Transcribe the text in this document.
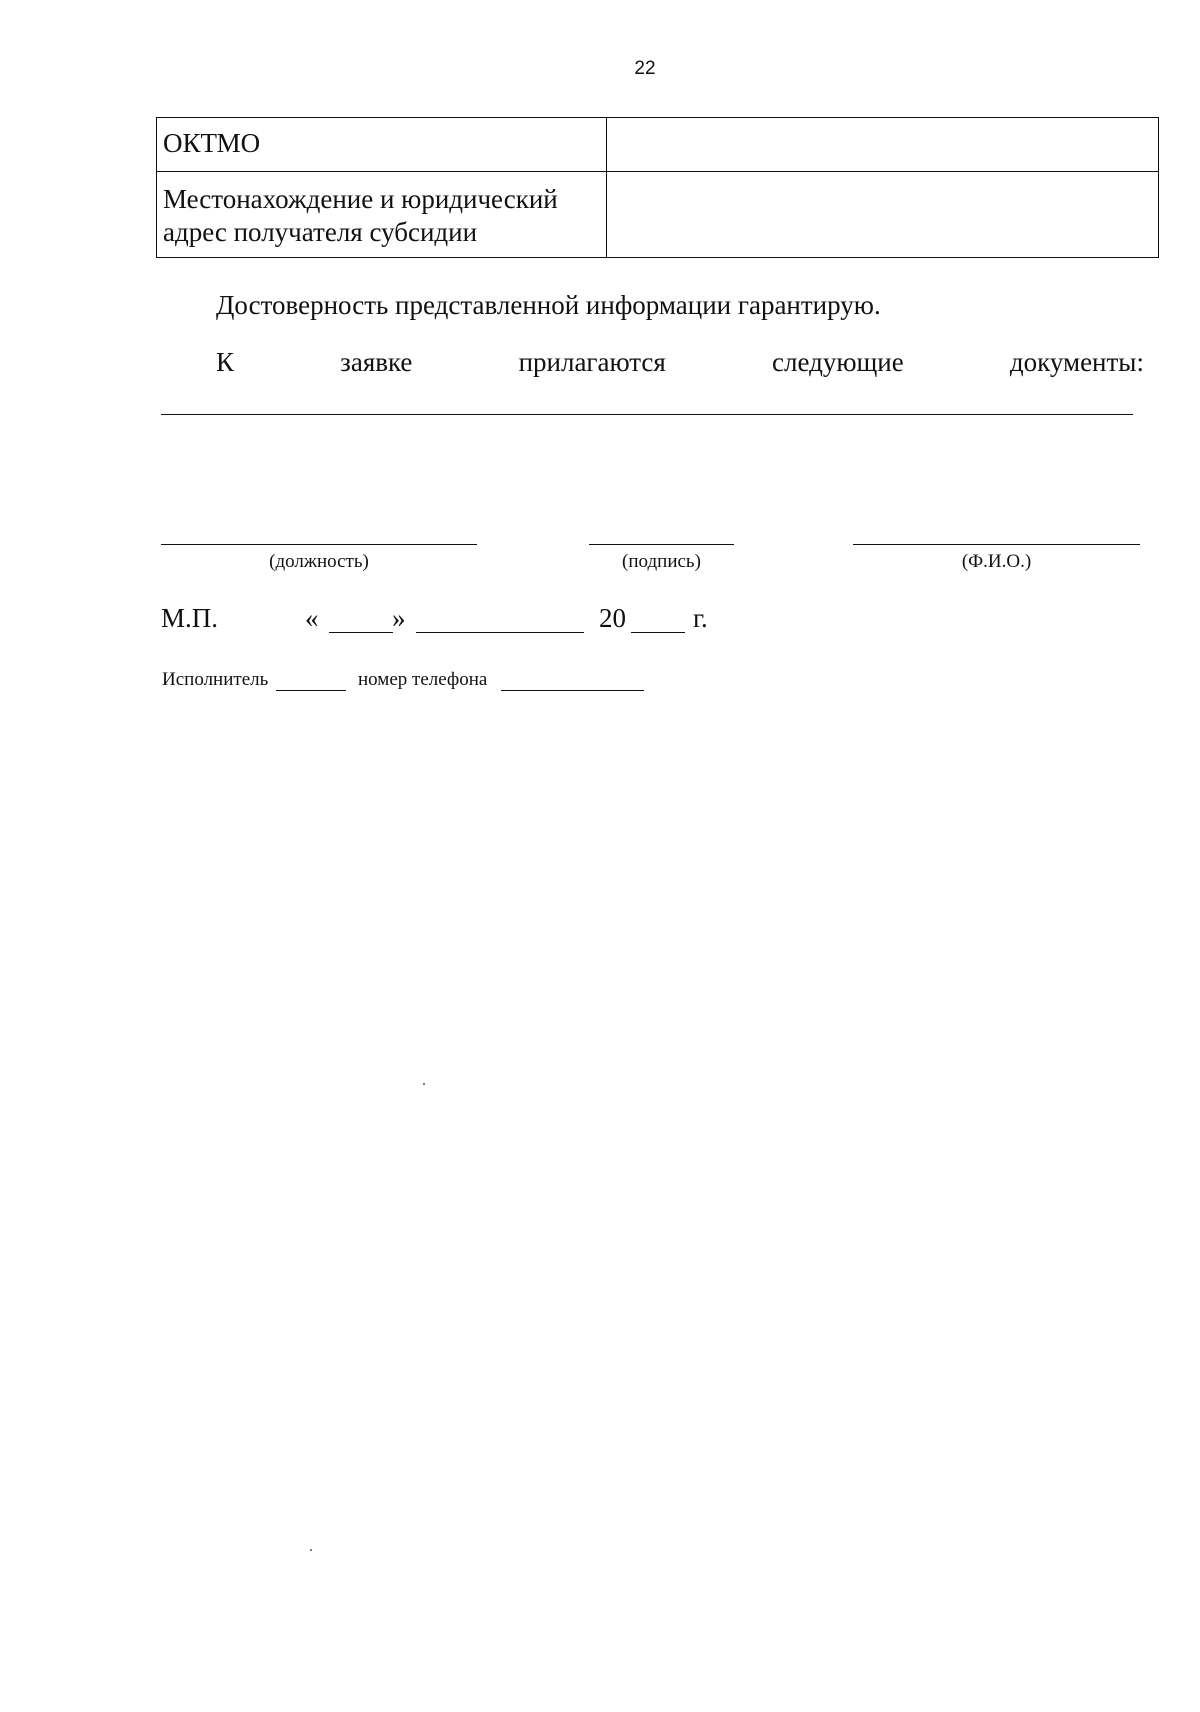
22
ОКТМО	

Местонахождение и юридический
адрес получателя субсидии	

Достоверность представленной информации гарантирую.
К	заявке	прилагаются	следующие	документы:
(должность)	(подпись)	(Ф.И.О.)
М.П.	«	»	20 г.
Исполнитель	номер телефона
